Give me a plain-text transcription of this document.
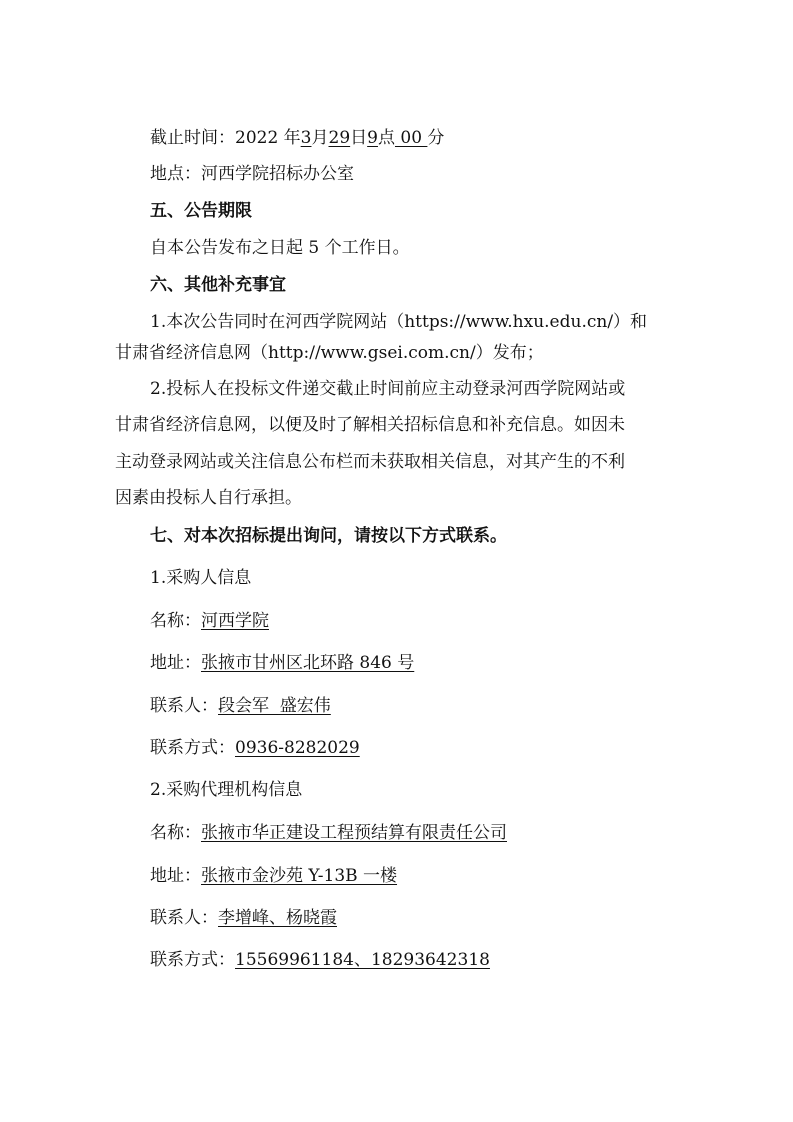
截止时间：2022 年3月29日9点 00 分
地点：河西学院招标办公室
五、公告期限
自本公告发布之日起 5 个工作日。
六、其他补充事宜
1.本次公告同时在河西学院网站（https://www.hxu.edu.cn/）和
甘肃省经济信息网（http://www.gsei.com.cn/）发布；
2.投标人在投标文件递交截止时间前应主动登录河西学院网站或
甘肃省经济信息网，以便及时了解相关招标信息和补充信息。如因未
主动登录网站或关注信息公布栏而未获取相关信息，对其产生的不利
因素由投标人自行承担。
七、对本次招标提出询问，请按以下方式联系。
1.采购人信息
名称：河西学院
地址：张掖市甘州区北环路 846 号
联系人：段会军  盛宏伟
联系方式：0936-8282029
2.采购代理机构信息
名称：张掖市华正建设工程预结算有限责任公司
地址：张掖市金沙苑 Y-13B 一楼
联系人：李增峰、杨晓霞
联系方式：15569961184、18293642318
